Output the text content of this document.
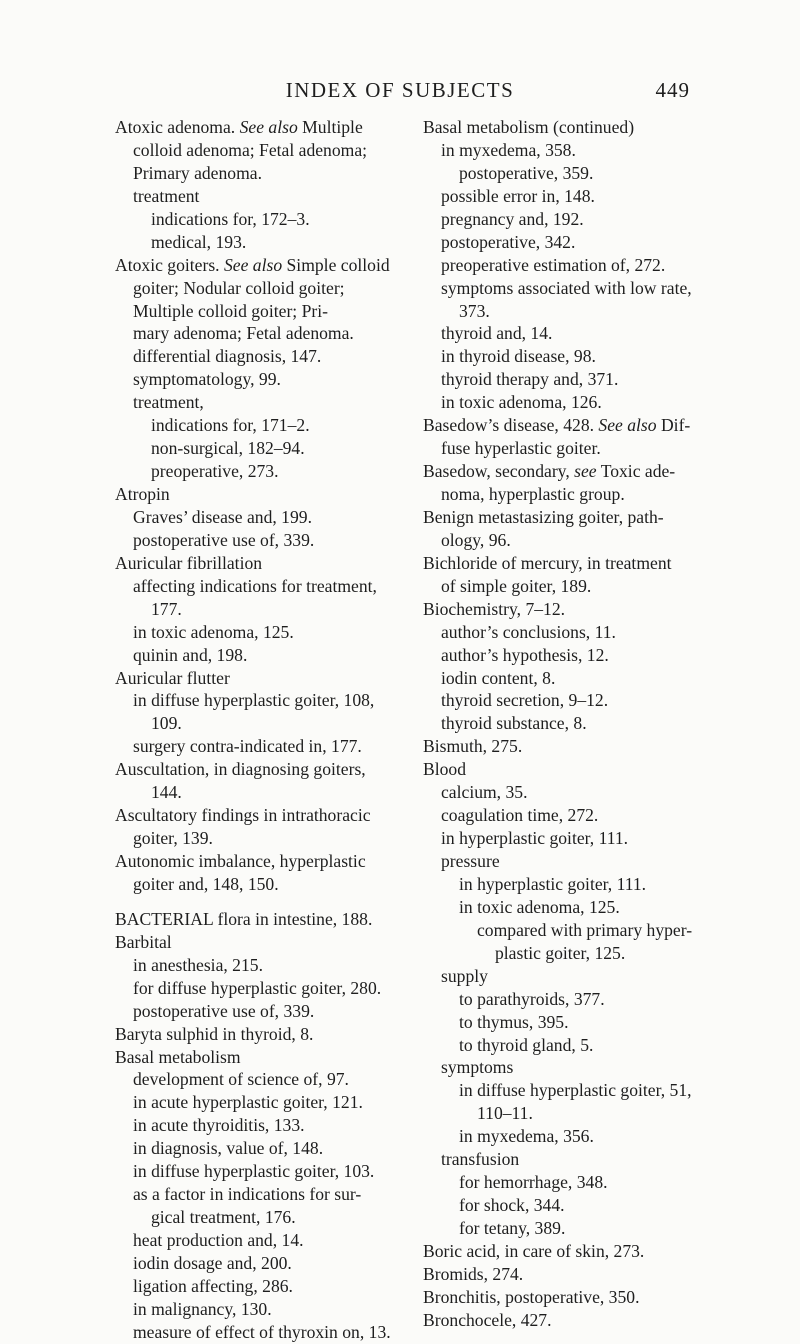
INDEX OF SUBJECTS	449
Atoxic adenoma. See also Multiple
colloid adenoma; Fetal adenoma;
Primary adenoma.
treatment
indications for, 172–3.
medical, 193.
Atoxic goiters. See also Simple colloid
goiter; Nodular colloid goiter;
Multiple colloid goiter; Pri-
mary adenoma; Fetal adenoma.
differential diagnosis, 147.
symptomatology, 99.
treatment,
indications for, 171–2.
non-surgical, 182–94.
preoperative, 273.
Atropin
Graves’ disease and, 199.
postoperative use of, 339.
Auricular fibrillation
affecting indications for treatment,
177.
in toxic adenoma, 125.
quinin and, 198.
Auricular flutter
in diffuse hyperplastic goiter, 108,
109.
surgery contra-indicated in, 177.
Auscultation, in diagnosing goiters,
144.
Ascultatory findings in intrathoracic
goiter, 139.
Autonomic imbalance, hyperplastic
goiter and, 148, 150.
BACTERIAL flora in intestine, 188.
Barbital
in anesthesia, 215.
for diffuse hyperplastic goiter, 280.
postoperative use of, 339.
Baryta sulphid in thyroid, 8.
Basal metabolism
development of science of, 97.
in acute hyperplastic goiter, 121.
in acute thyroiditis, 133.
in diagnosis, value of, 148.
in diffuse hyperplastic goiter, 103.
as a factor in indications for sur-
gical treatment, 176.
heat production and, 14.
iodin dosage and, 200.
ligation affecting, 286.
in malignancy, 130.
measure of effect of thyroxin on, 13.
Basal metabolism (continued)
in myxedema, 358.
postoperative, 359.
possible error in, 148.
pregnancy and, 192.
postoperative, 342.
preoperative estimation of, 272.
symptoms associated with low rate,
373.
thyroid and, 14.
in thyroid disease, 98.
thyroid therapy and, 371.
in toxic adenoma, 126.
Basedow’s disease, 428. See also Dif-
fuse hyperlastic goiter.
Basedow, secondary, see Toxic ade-
noma, hyperplastic group.
Benign metastasizing goiter, path-
ology, 96.
Bichloride of mercury, in treatment
of simple goiter, 189.
Biochemistry, 7–12.
author’s conclusions, 11.
author’s hypothesis, 12.
iodin content, 8.
thyroid secretion, 9–12.
thyroid substance, 8.
Bismuth, 275.
Blood
calcium, 35.
coagulation time, 272.
in hyperplastic goiter, 111.
pressure
in hyperplastic goiter, 111.
in toxic adenoma, 125.
compared with primary hyper-
plastic goiter, 125.
supply
to parathyroids, 377.
to thymus, 395.
to thyroid gland, 5.
symptoms
in diffuse hyperplastic goiter, 51,
110–11.
in myxedema, 356.
transfusion
for hemorrhage, 348.
for shock, 344.
for tetany, 389.
Boric acid, in care of skin, 273.
Bromids, 274.
Bronchitis, postoperative, 350.
Bronchocele, 427.
